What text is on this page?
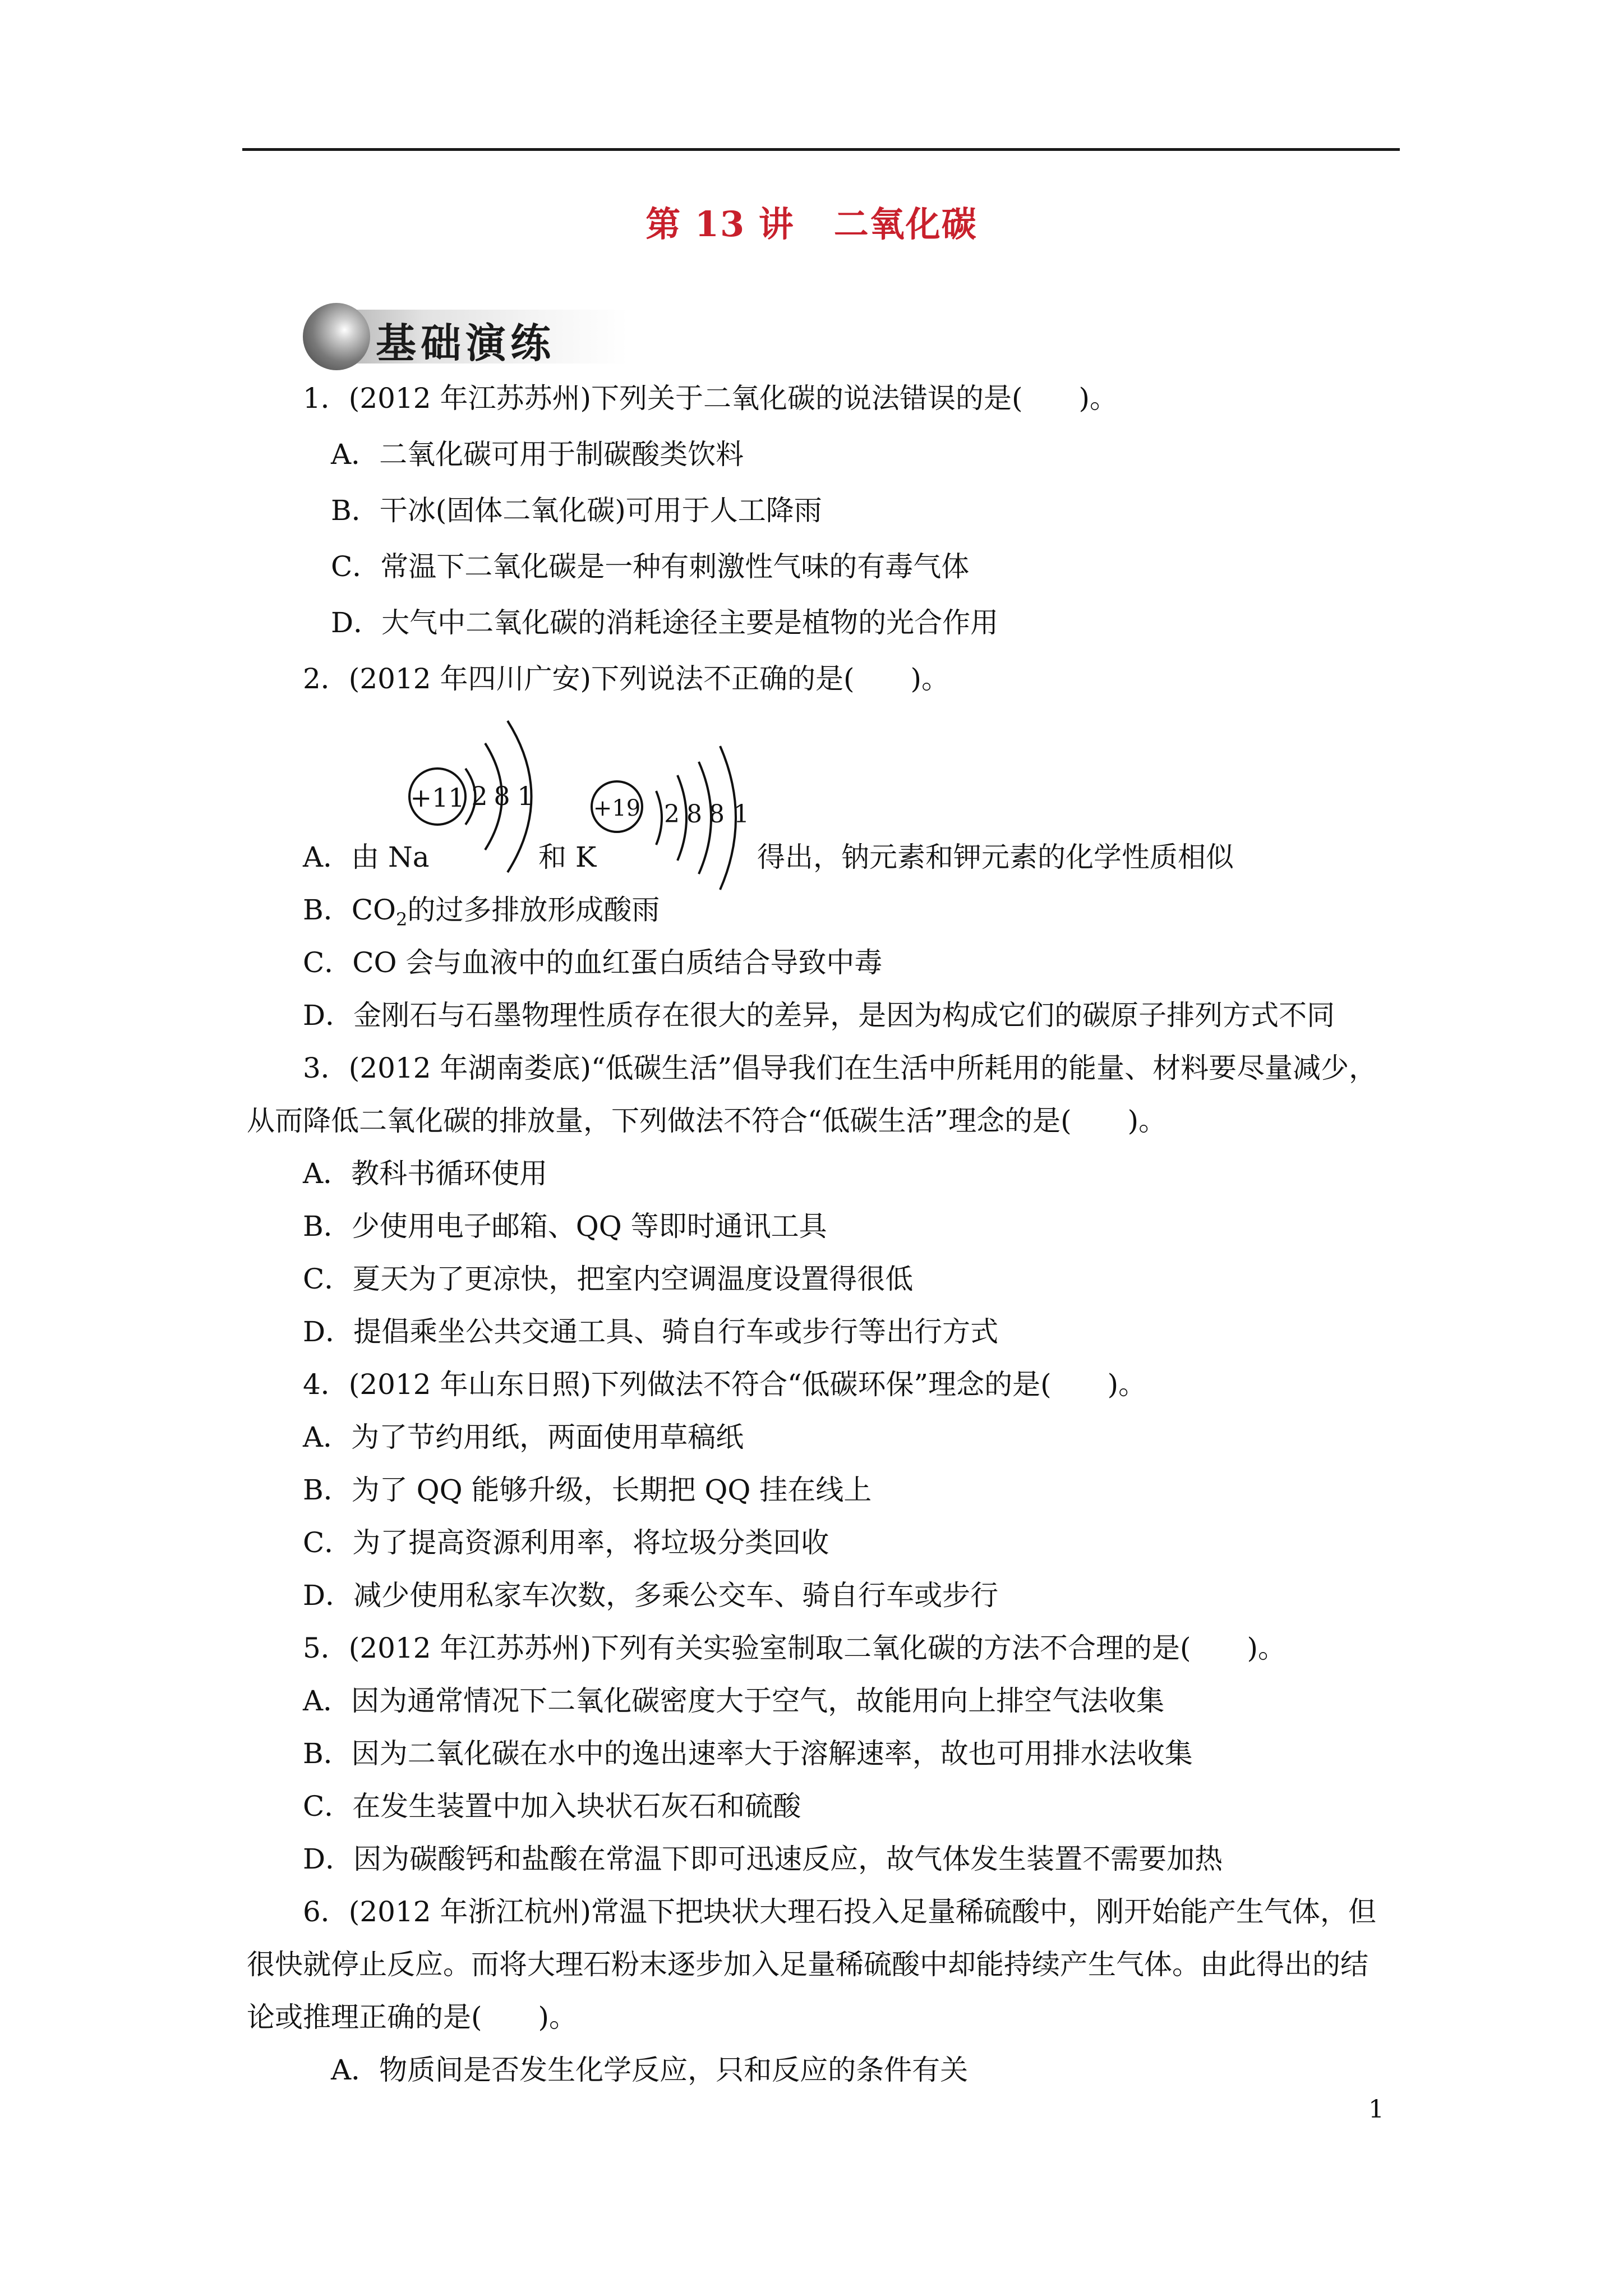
第 13 讲 二氧化碳
基础演练
1．(2012 年江苏苏州)下列关于二氧化碳的说法错误的是(　　)。
A．二氧化碳可用于制碳酸类饮料
B．干冰(固体二氧化碳)可用于人工降雨
C．常温下二氧化碳是一种有刺激性气味的有毒气体
D．大气中二氧化碳的消耗途径主要是植物的光合作用
2．(2012 年四川广安)下列说法不正确的是(　　)。
+11 2 8 1	+19 2 8 8 1
A．由 Na	和 K	得出，钠元素和钾元素的化学性质相似
B．$CO_2$的过多排放形成酸雨
C．CO 会与血液中的血红蛋白质结合导致中毒
D．金刚石与石墨物理性质存在很大的差异，是因为构成它们的碳原子排列方式不同
3．(2012 年湖南娄底)“低碳生活”倡导我们在生活中所耗用的能量、材料要尽量减少，
从而降低二氧化碳的排放量，下列做法不符合“低碳生活”理念的是(　　)。
A．教科书循环使用
B．少使用电子邮箱、QQ 等即时通讯工具
C．夏天为了更凉快，把室内空调温度设置得很低
D．提倡乘坐公共交通工具、骑自行车或步行等出行方式
4．(2012 年山东日照)下列做法不符合“低碳环保”理念的是(　　)。
A．为了节约用纸，两面使用草稿纸
B．为了 QQ 能够升级，长期把 QQ 挂在线上
C．为了提高资源利用率，将垃圾分类回收
D．减少使用私家车次数，多乘公交车、骑自行车或步行
5．(2012 年江苏苏州)下列有关实验室制取二氧化碳的方法不合理的是(　　)。
A．因为通常情况下二氧化碳密度大于空气，故能用向上排空气法收集
B．因为二氧化碳在水中的逸出速率大于溶解速率，故也可用排水法收集
C．在发生装置中加入块状石灰石和硫酸
D．因为碳酸钙和盐酸在常温下即可迅速反应，故气体发生装置不需要加热
6．(2012 年浙江杭州)常温下把块状大理石投入足量稀硫酸中，刚开始能产生气体，但
很快就停止反应。而将大理石粉末逐步加入足量稀硫酸中却能持续产生气体。由此得出的结
论或推理正确的是(　　)。
A．物质间是否发生化学反应，只和反应的条件有关
1
